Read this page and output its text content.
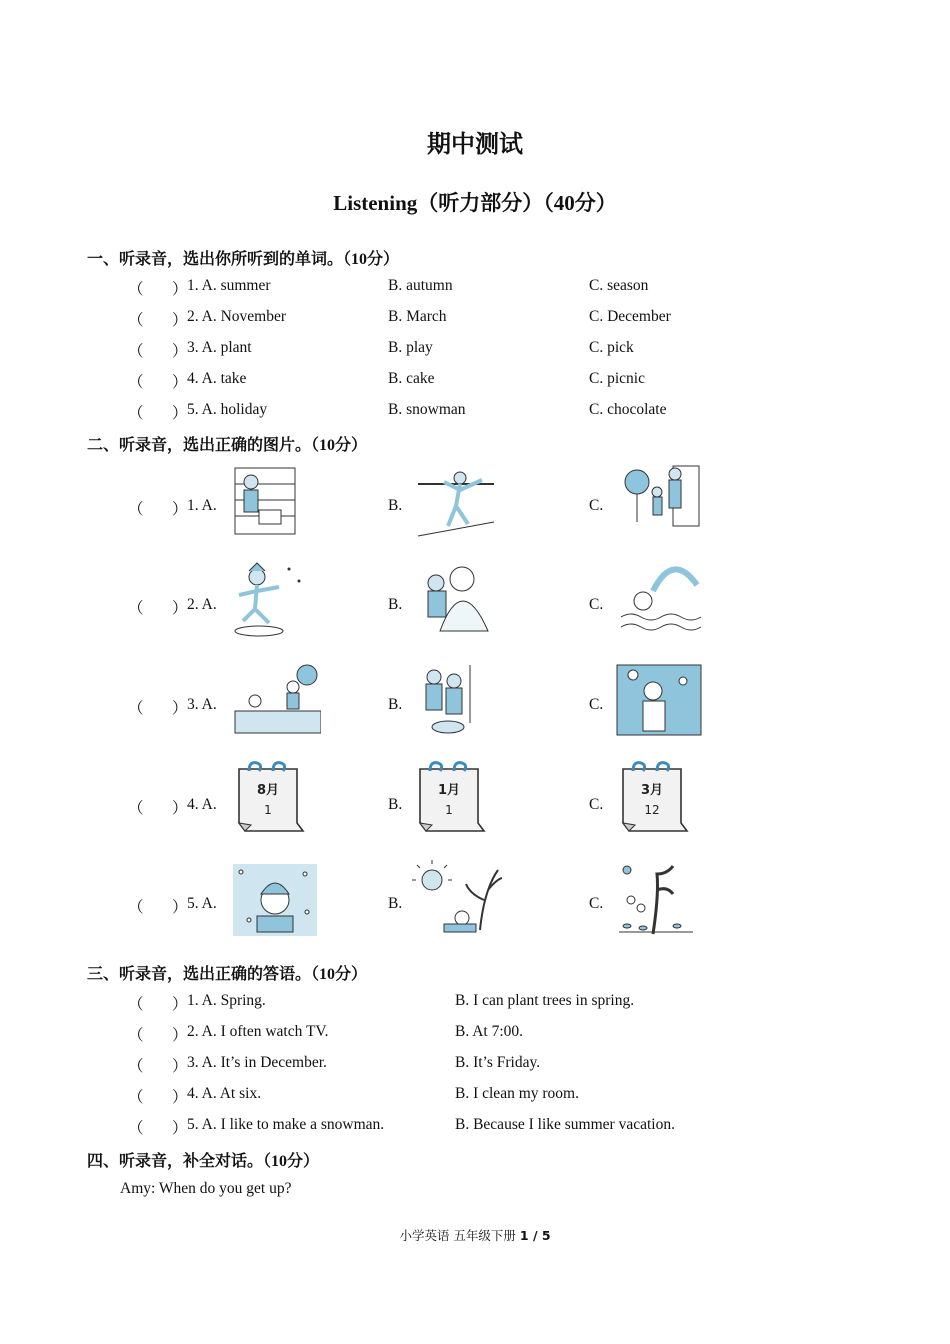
期中测试
Listening（听力部分）（40分）
一、听录音，选出你所听到的单词。（10分）
（ ） 1. A. summer	B. autumn	C. season
（ ） 2. A. November	B. March	C. December
（ ） 3. A. plant	B. play	C. pick
（ ） 4. A. take	B. cake	C. picnic
（ ） 5. A. holiday	B. snowman	C. chocolate
二、听录音，选出正确的图片。（10分）
（ ） 1. A.	B.	C.
（ ） 2. A.	B.	C.
（ ） 3. A.	B.	C.
（ ） 4. A.	B.	C.
8月
1
1月
1
3月
12
（ ） 5. A.	B.	C.
三、听录音，选出正确的答语。（10分）
（ ） 1. A. Spring.	B. I can plant trees in spring.
（ ） 2. A. I often watch TV.	B. At 7:00.
（ ） 3. A. It’s in December.	B. It’s Friday.
（ ） 4. A. At six.	B. I clean my room.
（ ） 5. A. I like to make a snowman.	B. Because I like summer vacation.
四、听录音，补全对话。（10分）
Amy: When do you get up?
小学英语 五年级下册 1 / 5
